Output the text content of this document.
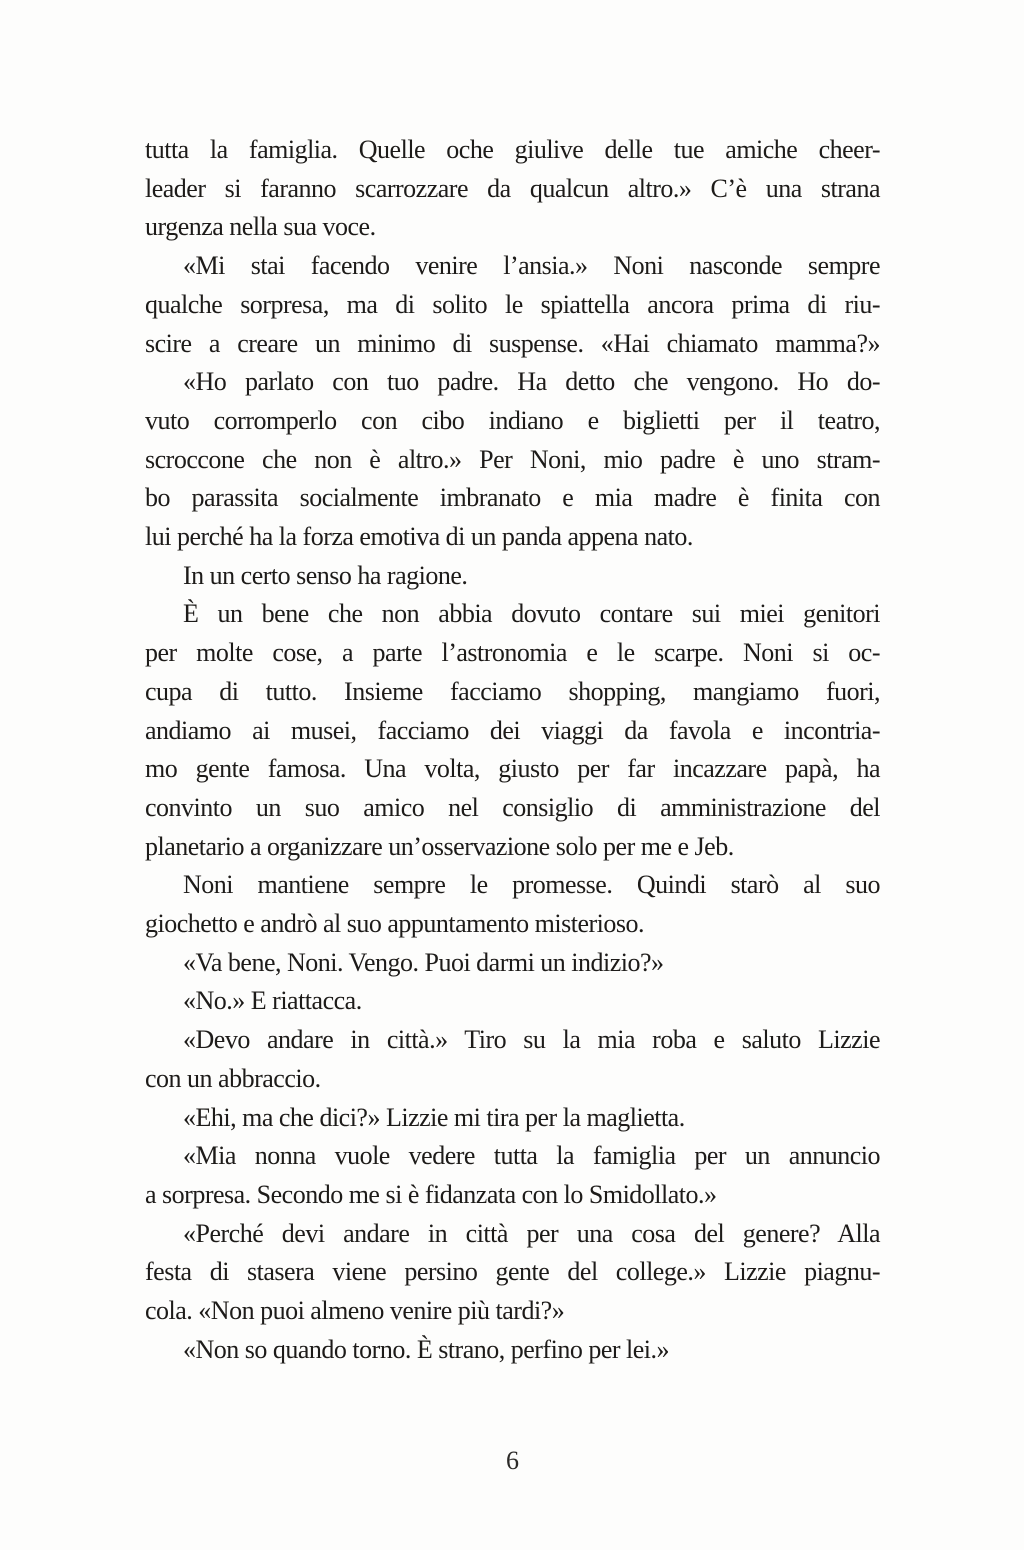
tutta la famiglia. Quelle oche giulive delle tue amiche cheer-
leader si faranno scarrozzare da qualcun altro.» C’è una strana
urgenza nella sua voce.
«Mi stai facendo venire l’ansia.» Noni nasconde sempre
qualche sorpresa, ma di solito le spiattella ancora prima di riu-
scire a creare un minimo di suspense. «Hai chiamato mamma?»
«Ho parlato con tuo padre. Ha detto che vengono. Ho do-
vuto corromperlo con cibo indiano e biglietti per il teatro,
scroccone che non è altro.» Per Noni, mio padre è uno stram-
bo parassita socialmente imbranato e mia madre è finita con
lui perché ha la forza emotiva di un panda appena nato.
In un certo senso ha ragione.
È un bene che non abbia dovuto contare sui miei genitori
per molte cose, a parte l’astronomia e le scarpe. Noni si oc-
cupa di tutto. Insieme facciamo shopping, mangiamo fuori,
andiamo ai musei, facciamo dei viaggi da favola e incontria-
mo gente famosa. Una volta, giusto per far incazzare papà, ha
convinto un suo amico nel consiglio di amministrazione del
planetario a organizzare un’osservazione solo per me e Jeb.
Noni mantiene sempre le promesse. Quindi starò al suo
giochetto e andrò al suo appuntamento misterioso.
«Va bene, Noni. Vengo. Puoi darmi un indizio?»
«No.» E riattacca.
«Devo andare in città.» Tiro su la mia roba e saluto Lizzie
con un abbraccio.
«Ehi, ma che dici?» Lizzie mi tira per la maglietta.
«Mia nonna vuole vedere tutta la famiglia per un annuncio
a sorpresa. Secondo me si è fidanzata con lo Smidollato.»
«Perché devi andare in città per una cosa del genere? Alla
festa di stasera viene persino gente del college.» Lizzie piagnu-
cola. «Non puoi almeno venire più tardi?»
«Non so quando torno. È strano, perfino per lei.»
6
